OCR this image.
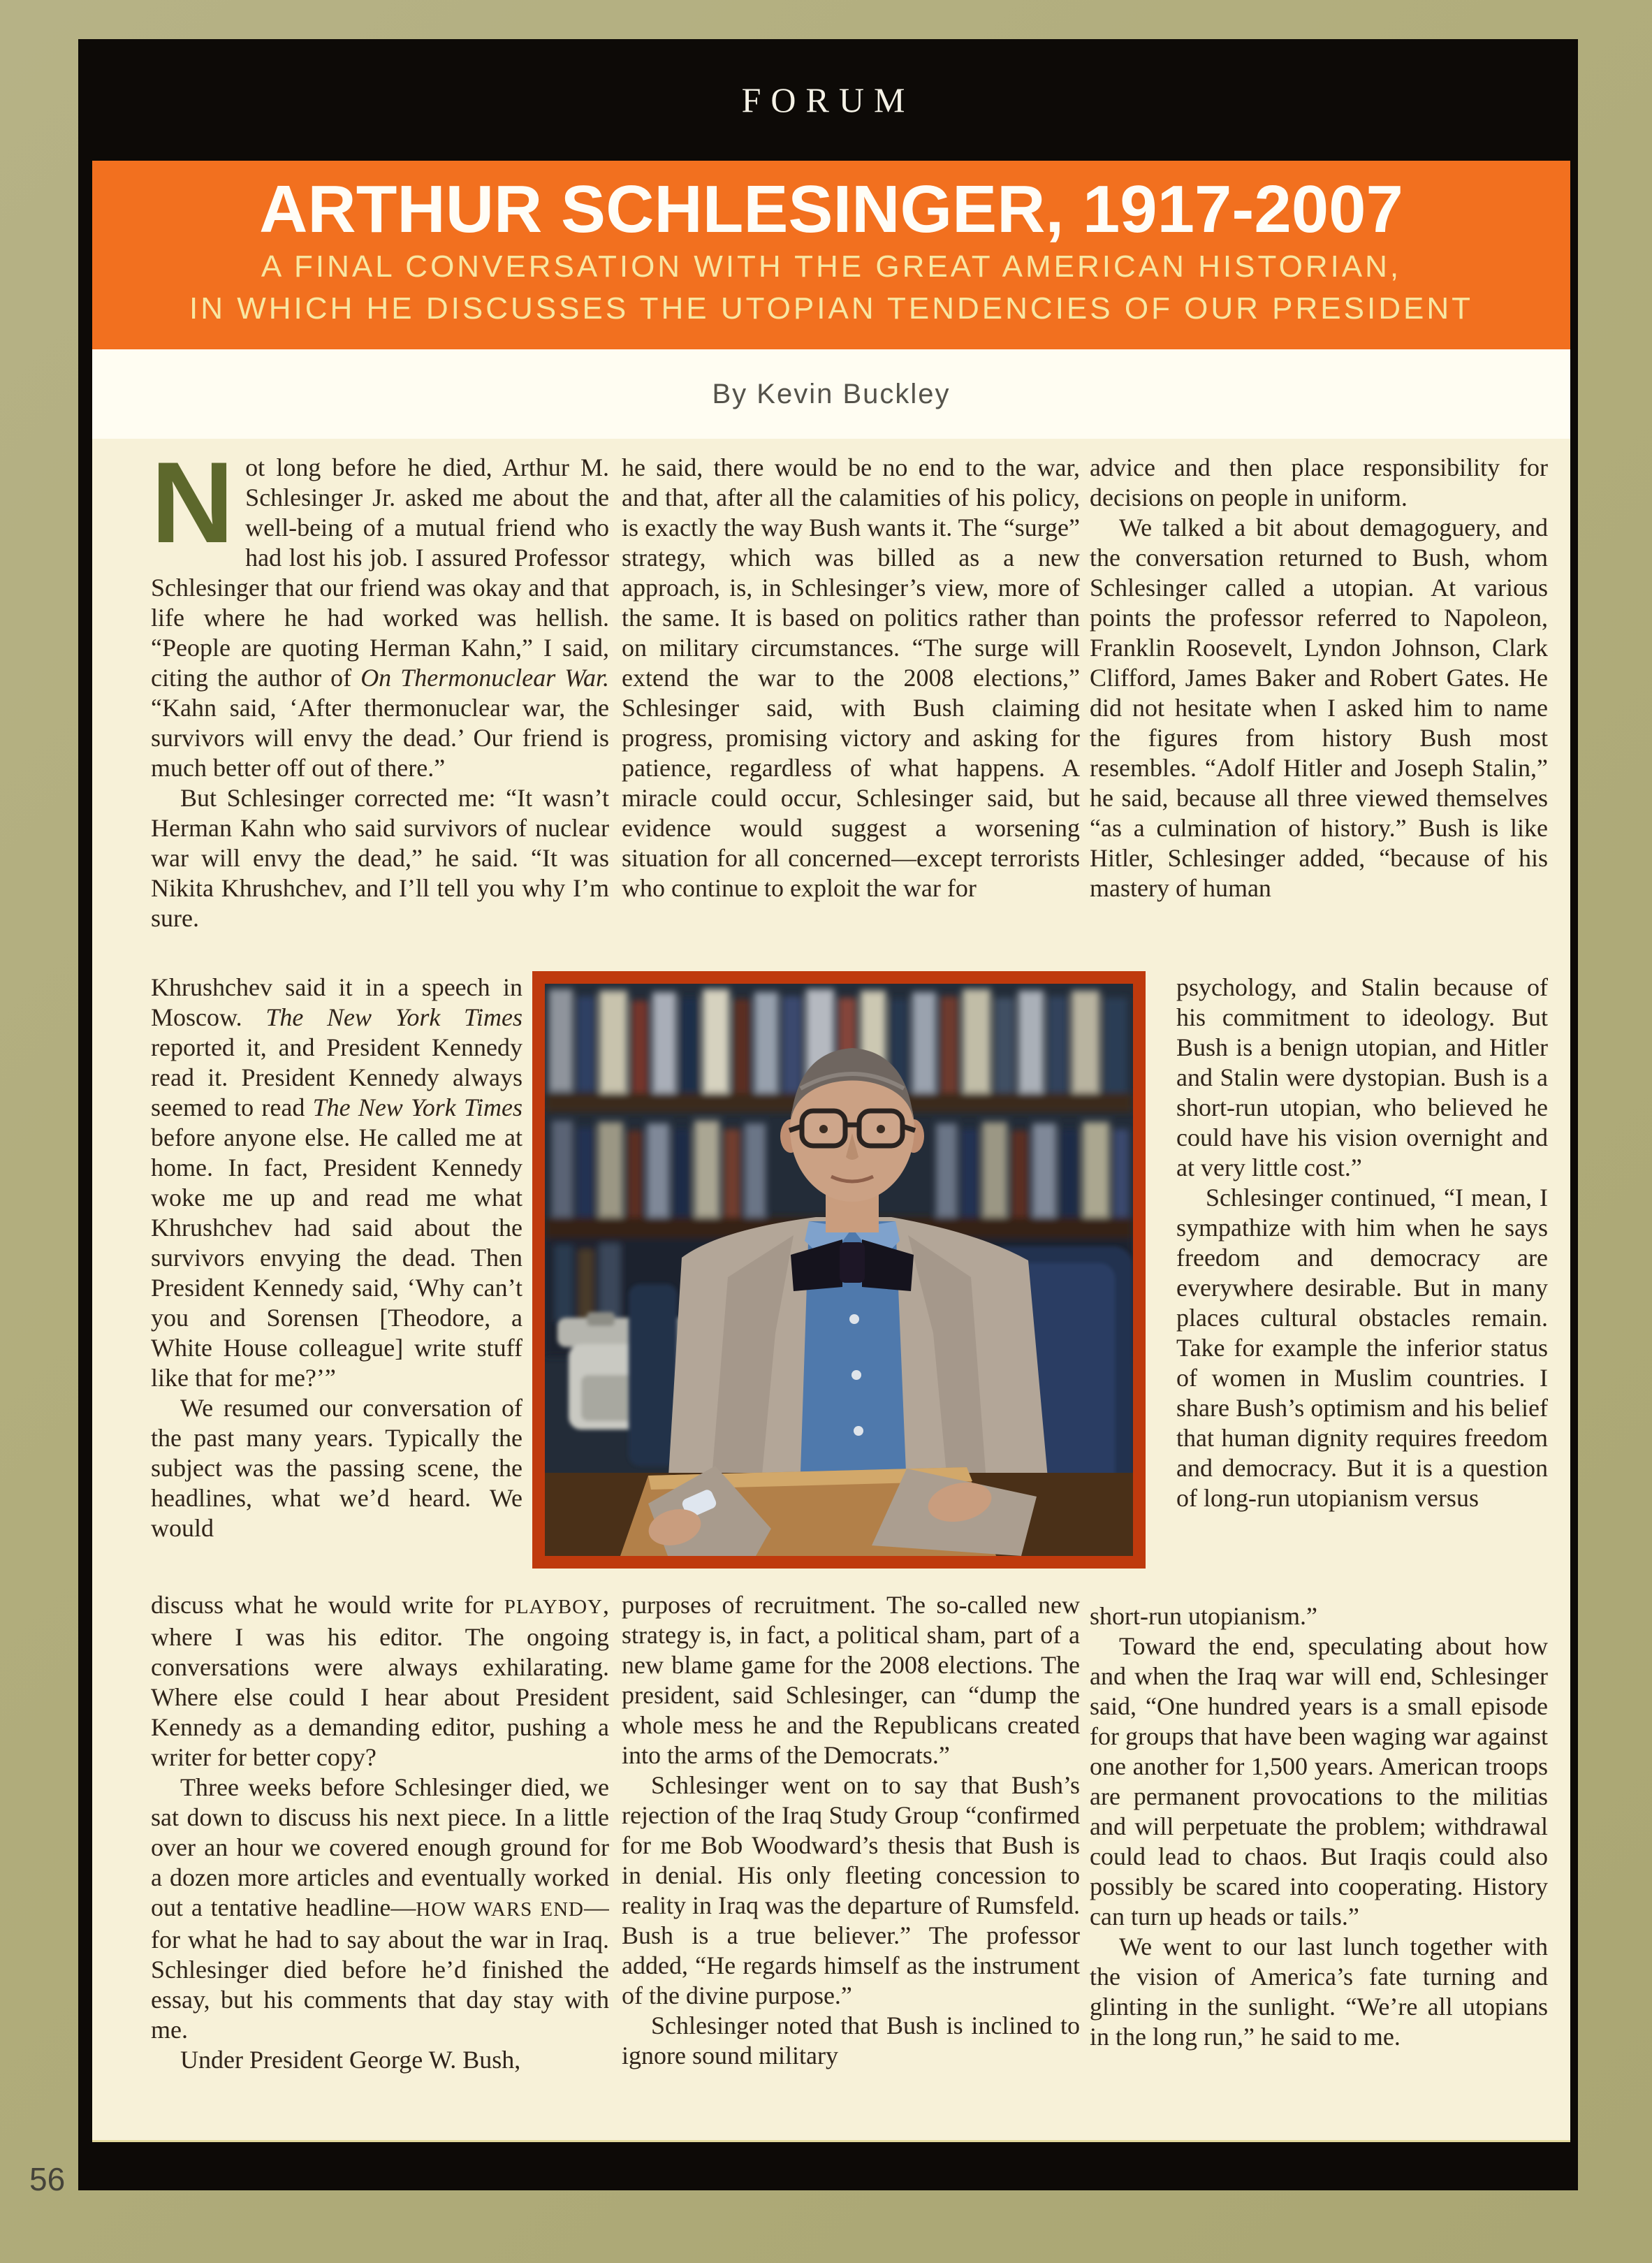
FORUM
ARTHUR SCHLESINGER, 1917-2007
A FINAL CONVERSATION WITH THE GREAT AMERICAN HISTORIAN,
IN WHICH HE DISCUSSES THE UTOPIAN TENDENCIES OF OUR PRESIDENT
By Kevin Buckley

Not long before he died, Arthur M. Schlesinger Jr. asked me about the well-being of a mutual friend who had lost his job. I assured Professor Schlesinger that our friend was okay and that life where he had worked was hellish. “People are quoting Herman Kahn,” I said, citing the author of On Thermonuclear War. “Kahn said, ‘After thermonuclear war, the survivors will envy the dead.’ Our friend is much better off out of there.”

But Schlesinger corrected me: “It wasn’t Herman Kahn who said survivors of nuclear war will envy the dead,” he said. “It was Nikita Khrushchev, and I’ll tell you why I’m sure.

he said, there would be no end to the war, and that, after all the calamities of his policy, is exactly the way Bush wants it. The “surge” strategy, which was billed as a new approach, is, in Schlesinger’s view, more of the same. It is based on politics rather than on military circumstances. “The surge will extend the war to the 2008 elections,” Schlesinger said, with Bush claiming progress, promising victory and asking for patience, regardless of what happens. A miracle could occur, Schlesinger said, but evidence would suggest a worsening situation for all concerned—except terrorists who continue to exploit the war for

advice and then place responsibility for decisions on people in uniform.

We talked a bit about demagoguery, and the conversation returned to Bush, whom Schlesinger called a utopian. At various points the professor referred to Napoleon, Franklin Roosevelt, Lyndon Johnson, Clark Clifford, James Baker and Robert Gates. He did not hesitate when I asked him to name the figures from history Bush most resembles. “Adolf Hitler and Joseph Stalin,” he said, because all three viewed themselves “as a culmination of history.” Bush is like Hitler, Schlesinger added, “because of his mastery of human

Khrushchev said it in a speech in Moscow. The New York Times reported it, and President Kennedy read it. President Kennedy always seemed to read The New York Times before anyone else. He called me at home. In fact, President Kennedy woke me up and read me what Khrushchev had said about the survivors envying the dead. Then President Kennedy said, ‘Why can’t you and Sorensen [Theodore, a White House colleague] write stuff like that for me?’”

We resumed our conversation of the past many years. Typically the subject was the passing scene, the headlines, what we’d heard. We would

psychology, and Stalin because of his commitment to ideology. But Bush is a benign utopian, and Hitler and Stalin were dystopian. Bush is a short-run utopian, who believed he could have his vision overnight and at very little cost.”

Schlesinger continued, “I mean, I sympathize with him when he says freedom and democracy are everywhere desirable. But in many places cultural obstacles remain. Take for example the inferior status of women in Muslim countries. I share Bush’s optimism and his belief that human dignity requires freedom and democracy. But it is a question of long-run utopianism versus

discuss what he would write for PLAYBOY, where I was his editor. The ongoing conversations were always exhilarating. Where else could I hear about President Kennedy as a demanding editor, pushing a writer for better copy?

Three weeks before Schlesinger died, we sat down to discuss his next piece. In a little over an hour we covered enough ground for a dozen more articles and eventually worked out a tentative headline—HOW WARS END—for what he had to say about the war in Iraq. Schlesinger died before he’d finished the essay, but his comments that day stay with me.

Under President George W. Bush,

purposes of recruitment. The so-called new strategy is, in fact, a political sham, part of a new blame game for the 2008 elections. The president, said Schlesinger, can “dump the whole mess he and the Republicans created into the arms of the Democrats.”

Schlesinger went on to say that Bush’s rejection of the Iraq Study Group “confirmed for me Bob Woodward’s thesis that Bush is in denial. His only fleeting concession to reality in Iraq was the departure of Rumsfeld. Bush is a true believer.” The professor added, “He regards himself as the instrument of the divine purpose.”

Schlesinger noted that Bush is inclined to ignore sound military

short-run utopianism.”

Toward the end, speculating about how and when the Iraq war will end, Schlesinger said, “One hundred years is a small episode for groups that have been waging war against one another for 1,500 years. American troops are permanent provocations to the militias and will perpetuate the problem; withdrawal could lead to chaos. But Iraqis could also possibly be scared into cooperating. History can turn up heads or tails.”

We went to our last lunch together with the vision of America’s fate turning and glinting in the sunlight. “We’re all utopians in the long run,” he said to me.

56
